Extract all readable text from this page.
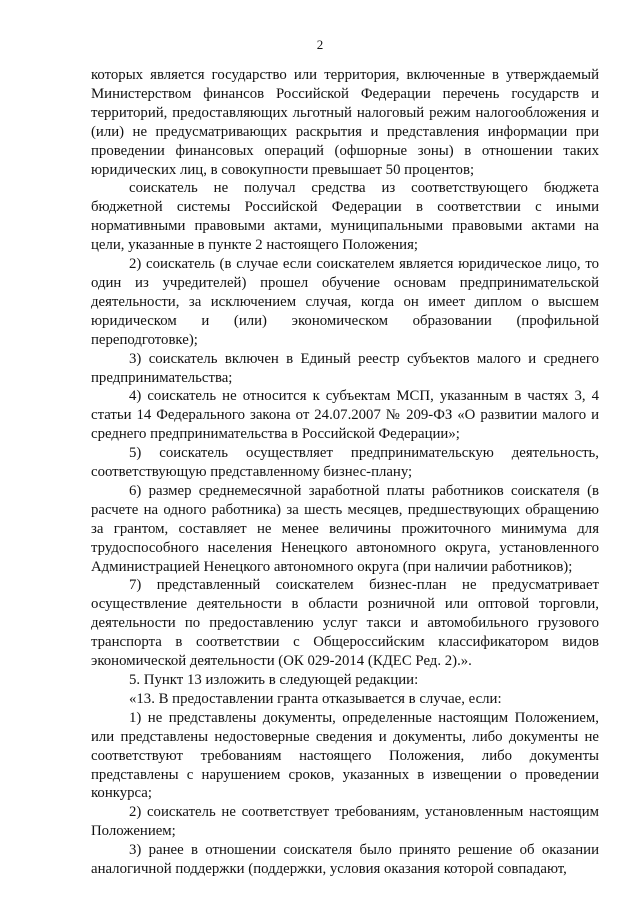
2

которых является государство или территория, включенные в утверждаемый Министерством финансов Российской Федерации перечень государств и территорий, предоставляющих льготный налоговый режим налогообложения и (или) не предусматривающих раскрытия и представления информации при проведении финансовых операций (офшорные зоны) в отношении таких юридических лиц, в совокупности превышает 50 процентов;

соискатель не получал средства из соответствующего бюджета бюджетной системы Российской Федерации в соответствии с иными нормативными правовыми актами, муниципальными правовыми актами на цели, указанные в пункте 2 настоящего Положения;

2) соискатель (в случае если соискателем является юридическое лицо, то один из учредителей) прошел обучение основам предпринимательской деятельности, за исключением случая, когда он имеет диплом о высшем юридическом и (или) экономическом образовании (профильной переподготовке);

3) соискатель включен в Единый реестр субъектов малого и среднего предпринимательства;

4) соискатель не относится к субъектам МСП, указанным в частях 3, 4 статьи 14 Федерального закона от 24.07.2007 № 209-ФЗ «О развитии малого и среднего предпринимательства в Российской Федерации»;

5) соискатель осуществляет предпринимательскую деятельность, соответствующую представленному бизнес-плану;

6) размер среднемесячной заработной платы работников соискателя (в расчете на одного работника) за шесть месяцев, предшествующих обращению за грантом, составляет не менее величины прожиточного минимума для трудоспособного населения Ненецкого автономного округа, установленного Администрацией Ненецкого автономного округа (при наличии работников);

7) представленный соискателем бизнес-план не предусматривает осуществление деятельности в области розничной или оптовой торговли, деятельности по предоставлению услуг такси и автомобильного грузового транспорта в соответствии с Общероссийским классификатором видов экономической деятельности (ОК 029-2014 (КДЕС Ред. 2).».

5. Пункт 13 изложить в следующей редакции:

«13. В предоставлении гранта отказывается в случае, если:

1) не представлены документы, определенные настоящим Положением, или представлены недостоверные сведения и документы, либо документы не соответствуют требованиям настоящего Положения, либо документы представлены с нарушением сроков, указанных в извещении о проведении конкурса;

2) соискатель не соответствует требованиям, установленным настоящим Положением;

3) ранее в отношении соискателя было принято решение об оказании аналогичной поддержки (поддержки, условия оказания которой совпадают,
